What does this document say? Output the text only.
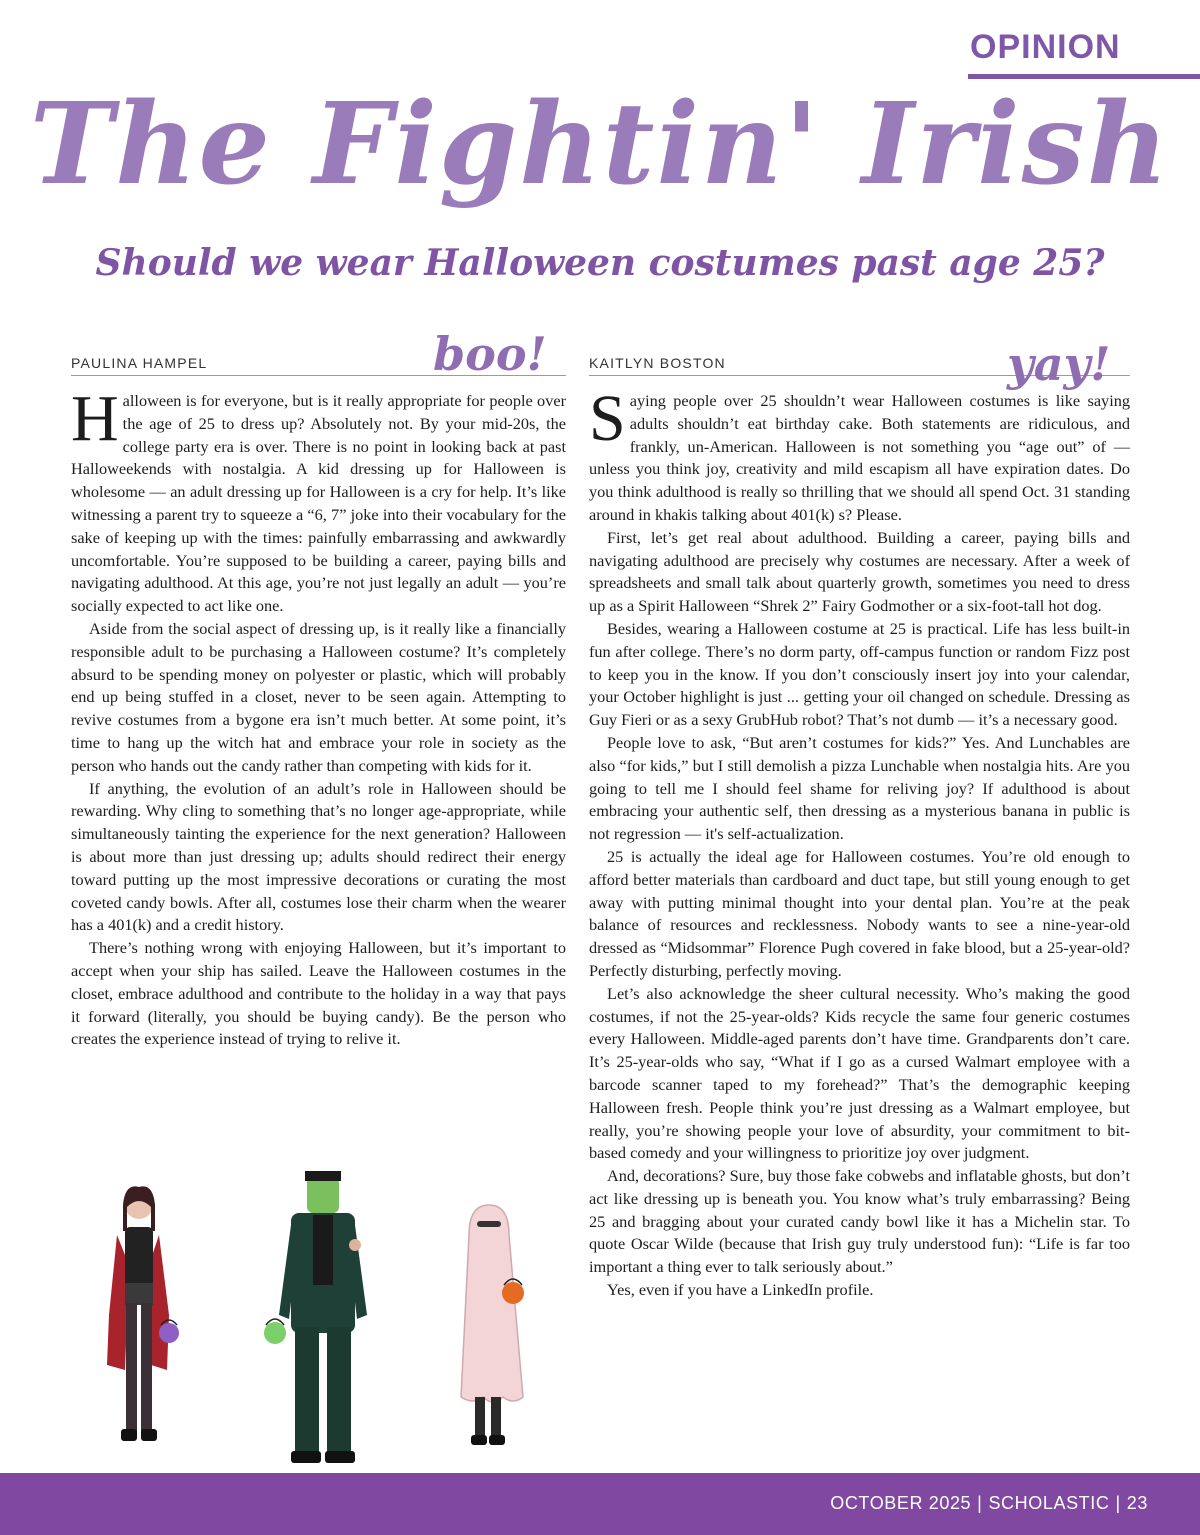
OPINION
The Fightin' Irish
Should we wear Halloween costumes past age 25?
PAULINA HAMPEL	boo!

Halloween is for everyone, but is it really appropriate for people over the age of 25 to dress up? Absolutely not. By your mid-20s, the college party era is over. There is no point in looking back at past Halloweekends with nostalgia. A kid dressing up for Halloween is wholesome — an adult dressing up for Halloween is a cry for help. It’s like witnessing a parent try to squeeze a “6, 7” joke into their vocabulary for the sake of keeping up with the times: painfully embarrassing and awkwardly uncomfortable. You’re supposed to be building a career, paying bills and navigating adulthood. At this age, you’re not just legally an adult — you’re socially expected to act like one.

Aside from the social aspect of dressing up, is it really like a financially responsible adult to be purchasing a Halloween costume? It’s completely absurd to be spending money on polyester or plastic, which will probably end up being stuffed in a closet, never to be seen again. Attempting to revive costumes from a bygone era isn’t much better. At some point, it’s time to hang up the witch hat and embrace your role in society as the person who hands out the candy rather than competing with kids for it.

If anything, the evolution of an adult’s role in Halloween should be rewarding. Why cling to something that’s no longer age-appropriate, while simultaneously tainting the experience for the next generation? Halloween is about more than just dressing up; adults should redirect their energy toward putting up the most impressive decorations or curating the most coveted candy bowls. After all, costumes lose their charm when the wearer has a 401(k) and a credit history.

There’s nothing wrong with enjoying Halloween, but it’s important to accept when your ship has sailed. Leave the Halloween costumes in the closet, embrace adulthood and contribute to the holiday in a way that pays it forward (literally, you should be buying candy). Be the person who creates the experience instead of trying to relive it.

KAITLYN BOSTON	yay!

Saying people over 25 shouldn’t wear Halloween costumes is like saying adults shouldn’t eat birthday cake. Both statements are ridiculous, and frankly, un-American. Halloween is not something you “age out” of — unless you think joy, creativity and mild escapism all have expiration dates. Do you think adulthood is really so thrilling that we should all spend Oct. 31 standing around in khakis talking about 401(k) s? Please.

First, let’s get real about adulthood. Building a career, paying bills and navigating adulthood are precisely why costumes are necessary. After a week of spreadsheets and small talk about quarterly growth, sometimes you need to dress up as a Spirit Halloween “Shrek 2” Fairy Godmother or a six-foot-tall hot dog.

Besides, wearing a Halloween costume at 25 is practical. Life has less built-in fun after college. There’s no dorm party, off-campus function or random Fizz post to keep you in the know. If you don’t consciously insert joy into your calendar, your October highlight is just ... getting your oil changed on schedule. Dressing as Guy Fieri or as a sexy GrubHub robot? That’s not dumb — it’s a necessary good.

People love to ask, “But aren’t costumes for kids?” Yes. And Lunchables are also “for kids,” but I still demolish a pizza Lunchable when nostalgia hits. Are you going to tell me I should feel shame for reliving joy? If adulthood is about embracing your authentic self, then dressing as a mysterious banana in public is not regression — it's self-actualization.

25 is actually the ideal age for Halloween costumes. You’re old enough to afford better materials than cardboard and duct tape, but still young enough to get away with putting minimal thought into your dental plan. You’re at the peak balance of resources and recklessness. Nobody wants to see a nine-year-old dressed as “Midsommar” Florence Pugh covered in fake blood, but a 25-year-old? Perfectly disturbing, perfectly moving.

Let’s also acknowledge the sheer cultural necessity. Who’s making the good costumes, if not the 25-year-olds? Kids recycle the same four generic costumes every Halloween. Middle-aged parents don’t have time. Grandparents don’t care. It’s 25-year-olds who say, “What if I go as a cursed Walmart employee with a barcode scanner taped to my forehead?” That’s the demographic keeping Halloween fresh. People think you’re just dressing as a Walmart employee, but really, you’re showing people your love of absurdity, your commitment to bit-based comedy and your willingness to prioritize joy over judgment.

And, decorations? Sure, buy those fake cobwebs and inflatable ghosts, but don’t act like dressing up is beneath you. You know what’s truly embarrassing? Being 25 and bragging about your curated candy bowl like it has a Michelin star. To quote Oscar Wilde (because that Irish guy truly understood fun): “Life is far too important a thing ever to talk seriously about.”

Yes, even if you have a LinkedIn profile.

OCTOBER 2025 | SCHOLASTIC | 23
